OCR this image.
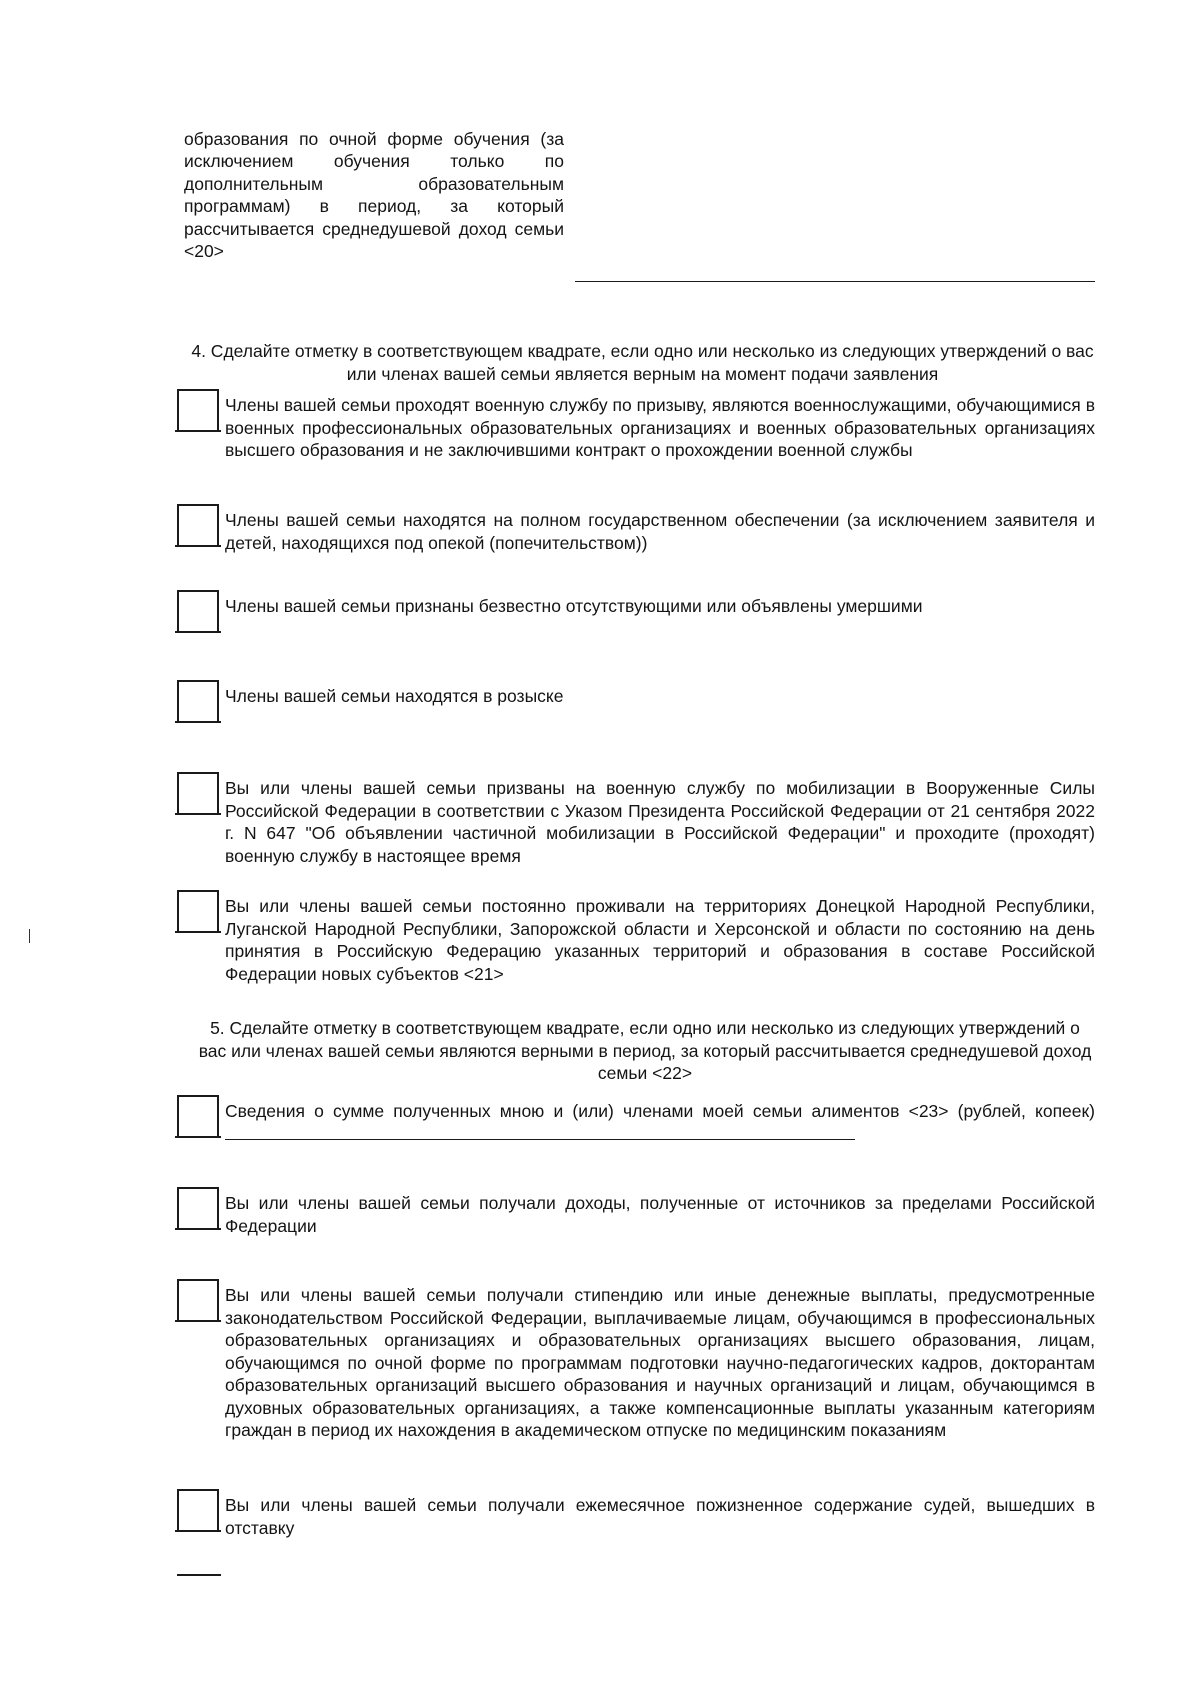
образования по очной форме обучения (за исключением обучения только по дополнительным образовательным программам) в период, за который рассчитывается среднедушевой доход семьи <20>
4. Сделайте отметку в соответствующем квадрате, если одно или несколько из следующих утверждений о вас или членах вашей семьи является верным на момент подачи заявления
Члены вашей семьи проходят военную службу по призыву, являются военнослужащими, обучающимися в военных профессиональных образовательных организациях и военных образовательных организациях высшего образования и не заключившими контракт о прохождении военной службы
Члены вашей семьи находятся на полном государственном обеспечении (за исключением заявителя и детей, находящихся под опекой (попечительством))
Члены вашей семьи признаны безвестно отсутствующими или объявлены умершими
Члены вашей семьи находятся в розыске
Вы или члены вашей семьи призваны на военную службу по мобилизации в Вооруженные Силы Российской Федерации в соответствии с Указом Президента Российской Федерации от 21 сентября 2022 г. N 647 "Об объявлении частичной мобилизации в Российской Федерации" и проходите (проходят) военную службу в настоящее время
Вы или члены вашей семьи постоянно проживали на территориях Донецкой Народной Республики, Луганской Народной Республики, Запорожской области и Херсонской и области по состоянию на день принятия в Российскую Федерацию указанных территорий и образования в составе Российской Федерации новых субъектов <21>
5. Сделайте отметку в соответствующем квадрате, если одно или несколько из следующих утверждений о вас или членах вашей семьи являются верными в период, за который рассчитывается среднедушевой доход семьи <22>
Сведения о сумме полученных мною и (или) членами моей семьи алиментов <23> (рублей, копеек)
Вы или члены вашей семьи получали доходы, полученные от источников за пределами Российской Федерации
Вы или члены вашей семьи получали стипендию или иные денежные выплаты, предусмотренные законодательством Российской Федерации, выплачиваемые лицам, обучающимся в профессиональных образовательных организациях и образовательных организациях высшего образования, лицам, обучающимся по очной форме по программам подготовки научно-педагогических кадров, докторантам образовательных организаций высшего образования и научных организаций и лицам, обучающимся в духовных образовательных организациях, а также компенсационные выплаты указанным категориям граждан в период их нахождения в академическом отпуске по медицинским показаниям
Вы или члены вашей семьи получали ежемесячное пожизненное содержание судей, вышедших в отставку
